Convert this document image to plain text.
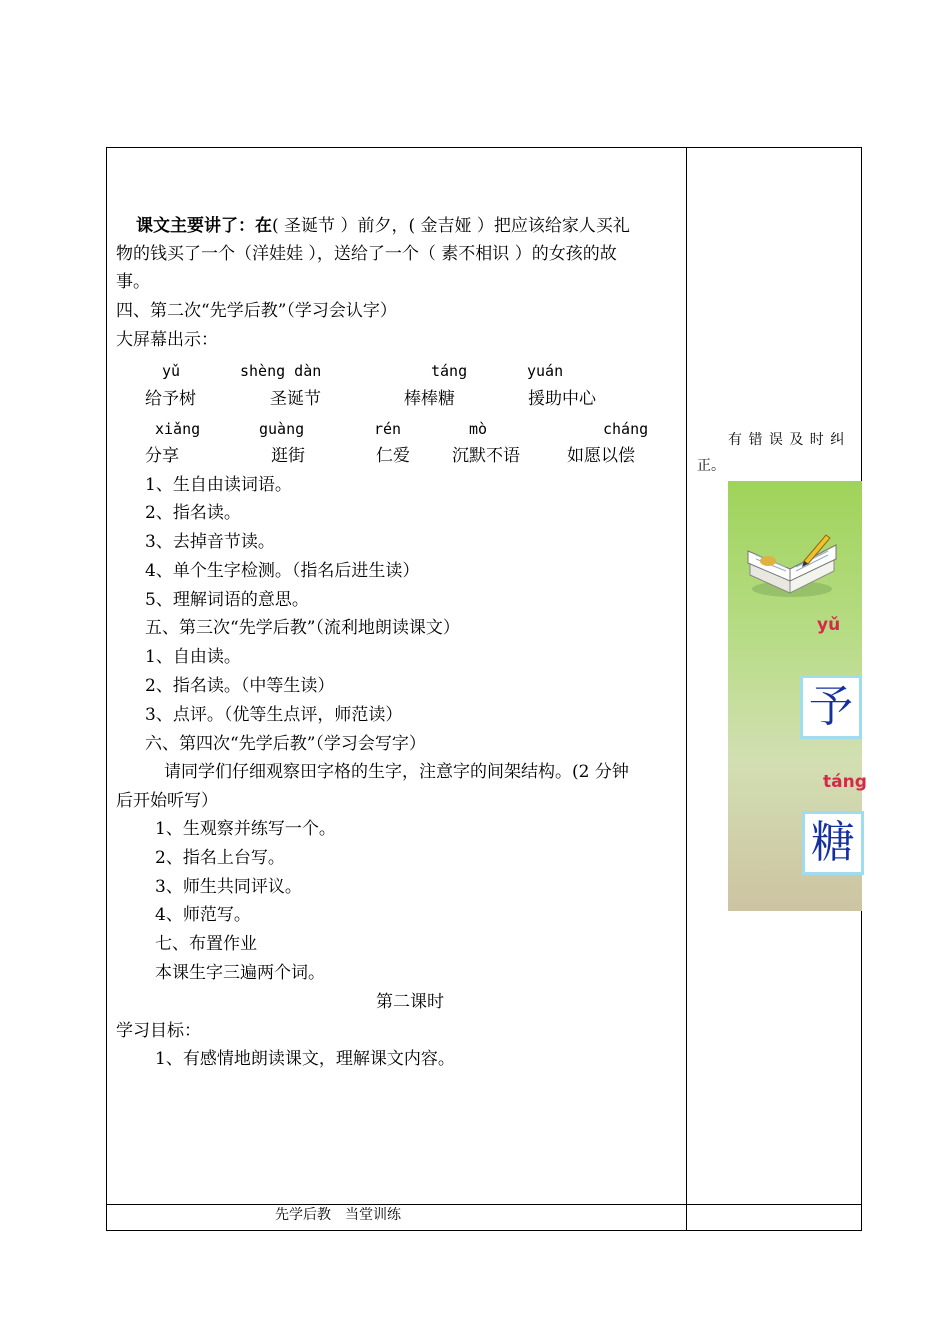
课文主要讲了：在( 圣诞节 ）前夕，( 金吉娅 ）把应该给家人买礼
物的钱买了一个（洋娃娃 ），送给了一个（ 素不相识 ）的女孩的故
事。
四、第二次“先学后教”（学习会认字）
大屏幕出示：
yǔ	shèng dàn	táng	yuán
给予树	圣诞节	棒棒糖	援助中心
xiǎng	guàng	rén	mò	cháng
分享	逛街	仁爱 沉默不语	如愿以偿
1、生自由读词语。
2、指名读。
3、去掉音节读。
4、单个生字检测。（指名后进生读）
5、理解词语的意思。
五、第三次“先学后教”（流利地朗读课文）
1、自由读。
2、指名读。（中等生读）
3、点评。（优等生点评，师范读）
六、第四次“先学后教”（学习会写字）
请同学们仔细观察田字格的生字，注意字的间架结构。(2 分钟
后开始听写）
1、生观察并练写一个。
2、指名上台写。
3、师生共同评议。
4、师范写。
七、布置作业
本课生字三遍两个词。
第二课时
学习目标：
1、有感情地朗读课文，理解课文内容。
先学后教　当堂训练
有 错 误 及 时 纠
正。
yǔ
予
táng
糖
